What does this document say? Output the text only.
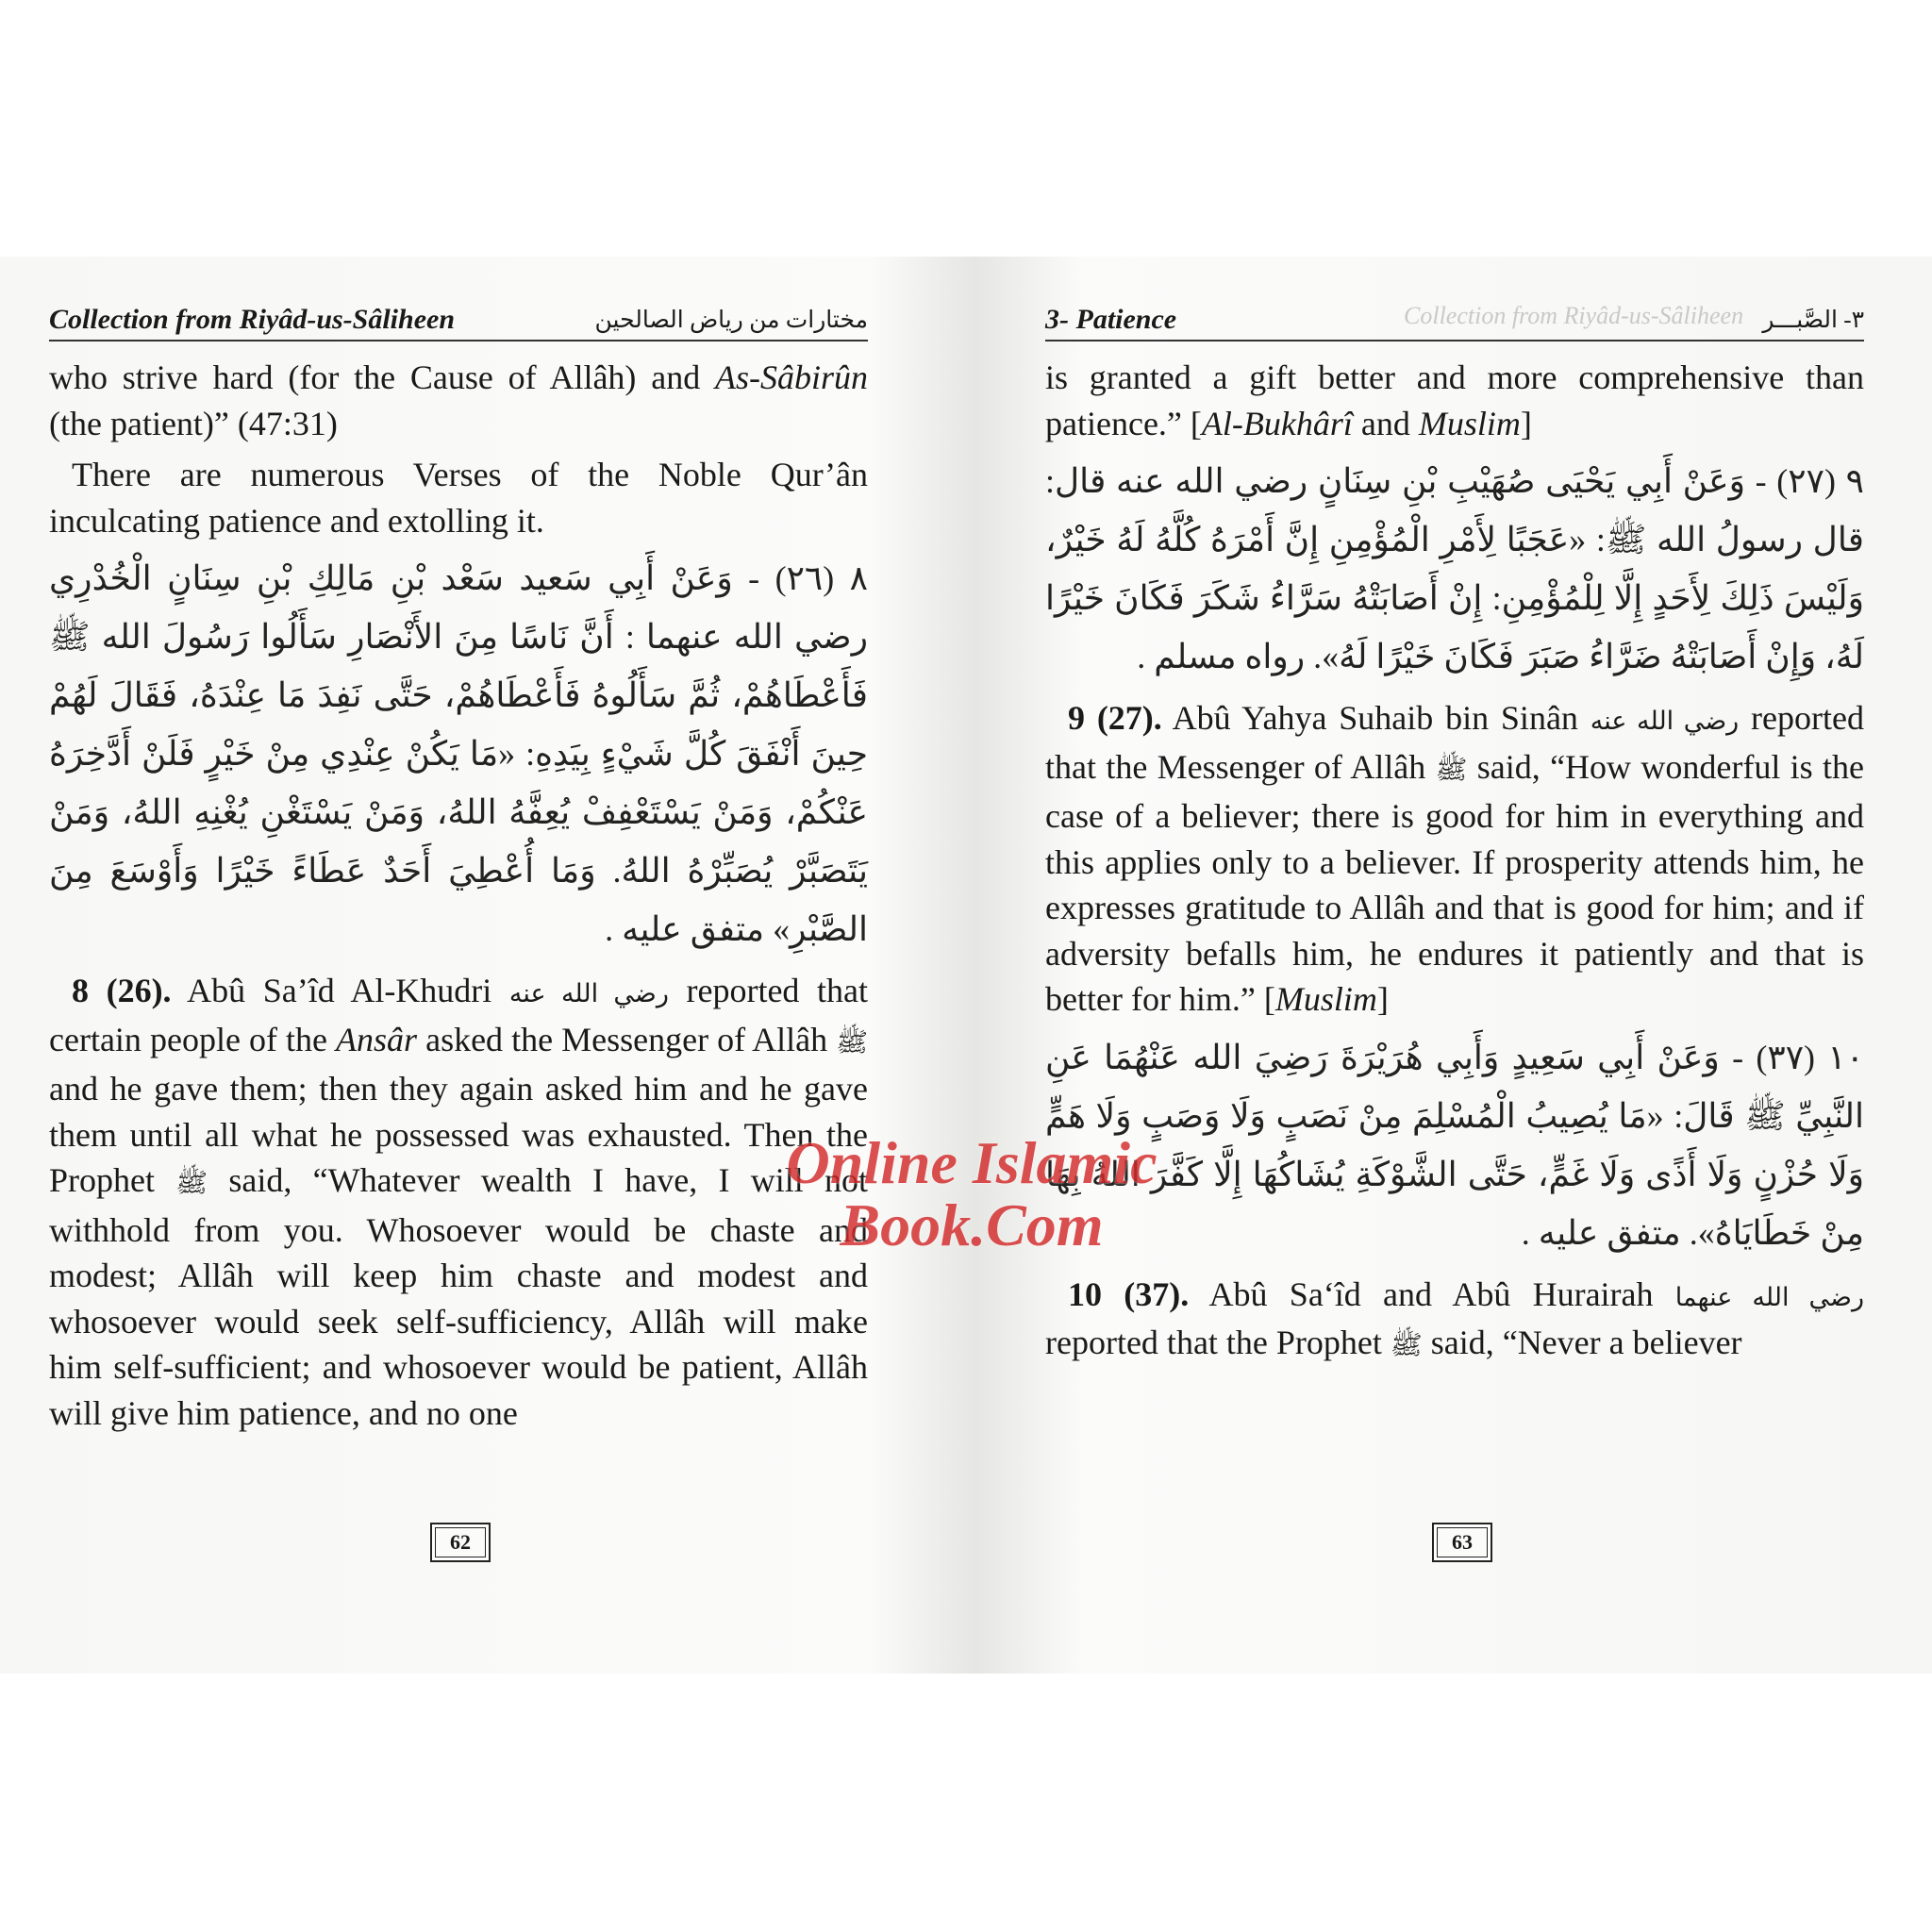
Collection from Riyâd-us-Sâliheen	مختارات من رياض الصالحين

who strive hard (for the Cause of Allâh) and As-Sâbirûn (the patient)” (47:31)

There are numerous Verses of the Noble Qur’ân inculcating patience and extolling it.

٨ (٢٦) - وَعَنْ أَبِي سَعيد سَعْد بْنِ مَالِكِ بْنِ سِنَانٍ الْخُدْرِي رضي الله عنهما : أَنَّ نَاسًا مِنَ الأَنْصَارِ سَأَلُوا رَسُولَ الله ﷺ فَأَعْطَاهُمْ، ثُمَّ سَأَلُوهُ فَأَعْطَاهُمْ، حَتَّى نَفِدَ مَا عِنْدَهُ، فَقَالَ لَهُمْ حِينَ أَنْفَقَ كُلَّ شَيْءٍ بِيَدِهِ: «مَا يَكُنْ عِنْدِي مِنْ خَيْرٍ فَلَنْ أَدَّخِرَهُ عَنْكُمْ، وَمَنْ يَسْتَعْفِفْ يُعِفَّهُ اللهُ، وَمَنْ يَسْتَغْنِ يُغْنِهِ اللهُ، وَمَنْ يَتَصَبَّرْ يُصَبِّرْهُ اللهُ. وَمَا أُعْطِيَ أَحَدٌ عَطَاءً خَيْرًا وَأَوْسَعَ مِنَ الصَّبْرِ» متفق عليه .

8 (26). Abû Sa’îd Al-Khudri رضي الله عنه reported that certain people of the Ansâr asked the Messenger of Allâh ﷺ and he gave them; then they again asked him and he gave them until all what he possessed was exhausted. Then the Prophet ﷺ said, “Whatever wealth I have, I will not withhold from you. Whosoever would be chaste and modest; Allâh will keep him chaste and modest and whosoever would seek self-sufficiency, Allâh will make him self-sufficient; and whosoever would be patient, Allâh will give him patience, and no one

62
3- Patience	Collection from Riyâd-us-Sâliheen ٣- الصَّبـــر

is granted a gift better and more comprehensive than patience.” [Al-Bukhârî and Muslim]

٩ (٢٧) - وَعَنْ أَبِي يَحْيَى صُهَيْبِ بْنِ سِنَانٍ رضي الله عنه قال: قال رسولُ الله ﷺ: «عَجَبًا لِأَمْرِ الْمُؤْمِنِ إِنَّ أَمْرَهُ كُلَّهُ لَهُ خَيْرٌ، وَلَيْسَ ذَلِكَ لِأَحَدٍ إِلَّا لِلْمُؤْمِنِ: إِنْ أَصَابَتْهُ سَرَّاءُ شَكَرَ فَكَانَ خَيْرًا لَهُ، وَإِنْ أَصَابَتْهُ ضَرَّاءُ صَبَرَ فَكَانَ خَيْرًا لَهُ». رواه مسلم .

9 (27). Abû Yahya Suhaib bin Sinân رضي الله عنه reported that the Messenger of Allâh ﷺ said, “How wonderful is the case of a believer; there is good for him in everything and this applies only to a believer. If prosperity attends him, he expresses gratitude to Allâh and that is good for him; and if adversity befalls him, he endures it patiently and that is better for him.” [Muslim]

١٠ (٣٧) - وَعَنْ أَبِي سَعِيدٍ وَأَبِي هُرَيْرَةَ رَضِيَ الله عَنْهُمَا عَنِ النَّبِيِّ ﷺ قَالَ: «مَا يُصِيبُ الْمُسْلِمَ مِنْ نَصَبٍ وَلَا وَصَبٍ وَلَا هَمٍّ وَلَا حُزْنٍ وَلَا أَذًى وَلَا غَمٍّ، حَتَّى الشَّوْكَةِ يُشَاكُهَا إِلَّا كَفَّرَ اللهُ بِهَا مِنْ خَطَايَاهُ». متفق عليه .

10 (37). Abû Sa‘îd and Abû Hurairah رضي الله عنهما reported that the Prophet ﷺ said, “Never a believer

63
Online Islamic
Book.Com
